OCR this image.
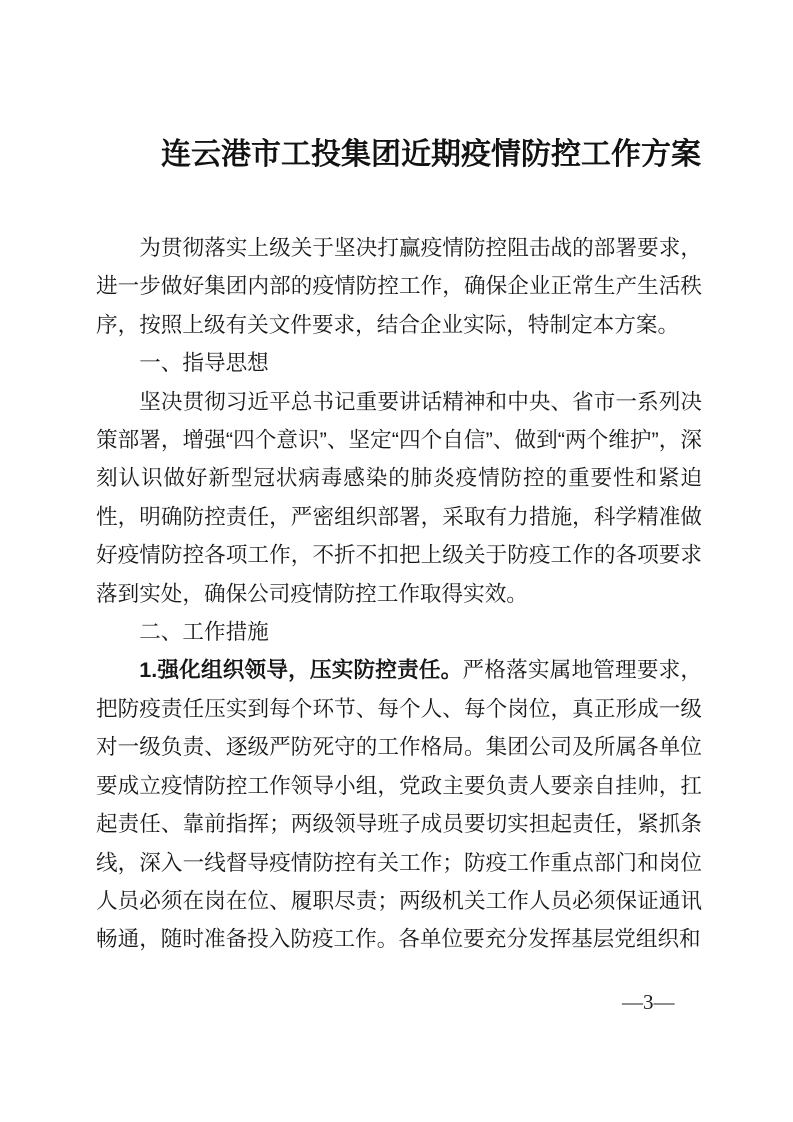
连云港市工投集团近期疫情防控工作方案

为贯彻落实上级关于坚决打赢疫情防控阻击战的部署要求，进一步做好集团内部的疫情防控工作，确保企业正常生产生活秩序，按照上级有关文件要求，结合企业实际，特制定本方案。

一、指导思想

坚决贯彻习近平总书记重要讲话精神和中央、省市一系列决策部署，增强“四个意识”、坚定“四个自信”、做到“两个维护”，深刻认识做好新型冠状病毒感染的肺炎疫情防控的重要性和紧迫性，明确防控责任，严密组织部署，采取有力措施，科学精准做好疫情防控各项工作，不折不扣把上级关于防疫工作的各项要求落到实处，确保公司疫情防控工作取得实效。

二、工作措施

1.强化组织领导，压实防控责任。严格落实属地管理要求，把防疫责任压实到每个环节、每个人、每个岗位，真正形成一级对一级负责、逐级严防死守的工作格局。集团公司及所属各单位要成立疫情防控工作领导小组，党政主要负责人要亲自挂帅，扛起责任、靠前指挥；两级领导班子成员要切实担起责任，紧抓条线，深入一线督导疫情防控有关工作；防疫工作重点部门和岗位人员必须在岗在位、履职尽责；两级机关工作人员必须保证通讯畅通，随时准备投入防疫工作。各单位要充分发挥基层党组织和

—3—
